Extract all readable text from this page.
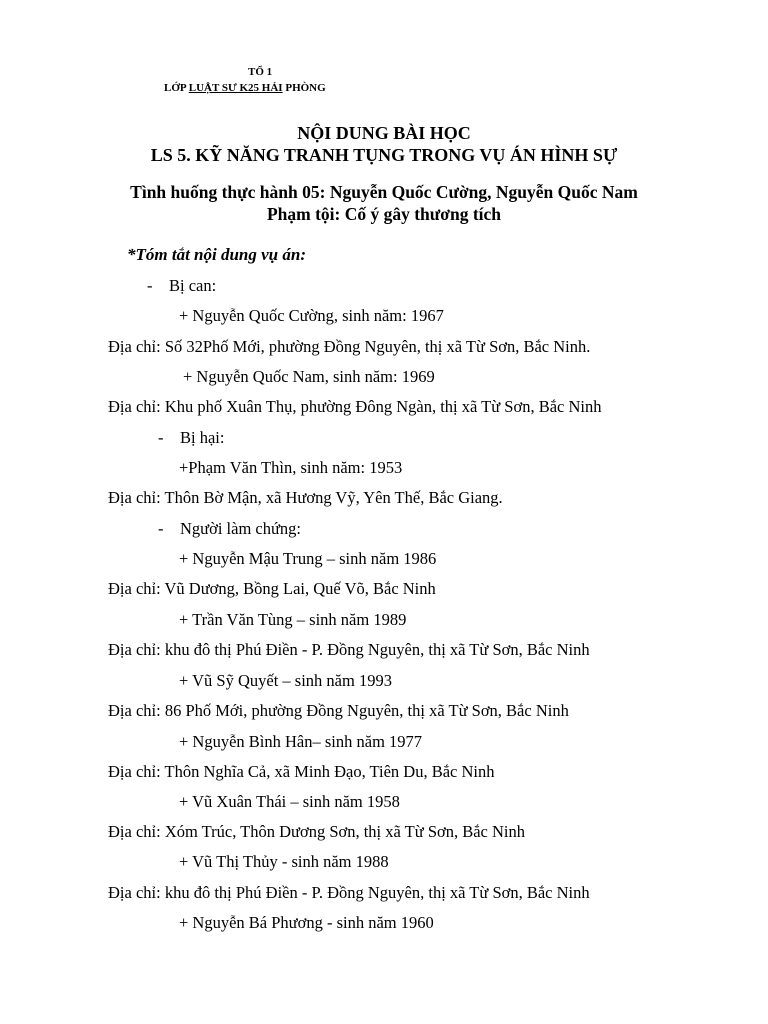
TỔ 1

LỚP LUẬT SƯ K25 HẢI PHÒNG

NỘI DUNG BÀI HỌC

LS 5. KỸ NĂNG TRANH TỤNG TRONG VỤ ÁN HÌNH SỰ

Tình huống thực hành 05: Nguyễn Quốc Cường, Nguyễn Quốc Nam

Phạm tội: Cố ý gây thương tích

*Tóm tắt nội dung vụ án:

- Bị can:

+ Nguyễn Quốc Cường, sinh năm: 1967

Địa chỉ: Số 32Phố Mới, phường Đồng Nguyên, thị xã Từ Sơn, Bắc Ninh.

+ Nguyễn Quốc Nam, sinh năm: 1969

Địa chỉ: Khu phố Xuân Thụ, phường Đông Ngàn, thị xã Từ Sơn, Bắc Ninh

- Bị hại:

+Phạm Văn Thìn, sinh năm: 1953

Địa chỉ: Thôn Bờ Mận, xã Hương Vỹ, Yên Thế, Bắc Giang.

- Người làm chứng:

+ Nguyễn Mậu Trung – sinh năm 1986

Địa chỉ: Vũ Dương, Bồng Lai, Quế Võ, Bắc Ninh

+ Trần Văn Tùng – sinh năm 1989

Địa chỉ: khu đô thị Phú Điền - P. Đồng Nguyên, thị xã Từ Sơn, Bắc Ninh

+ Vũ Sỹ Quyết – sinh năm 1993

Địa chỉ: 86 Phố Mới, phường Đồng Nguyên, thị xã Từ Sơn, Bắc Ninh

+ Nguyễn Bình Hân– sinh năm 1977

Địa chỉ: Thôn Nghĩa Cả, xã Minh Đạo, Tiên Du, Bắc Ninh

+ Vũ Xuân Thái – sinh năm 1958

Địa chỉ: Xóm Trúc, Thôn Dương Sơn, thị xã Từ Sơn, Bắc Ninh

+ Vũ Thị Thủy - sinh năm 1988

Địa chỉ: khu đô thị Phú Điền - P. Đồng Nguyên, thị xã Từ Sơn, Bắc Ninh

+ Nguyễn Bá Phương - sinh năm 1960
